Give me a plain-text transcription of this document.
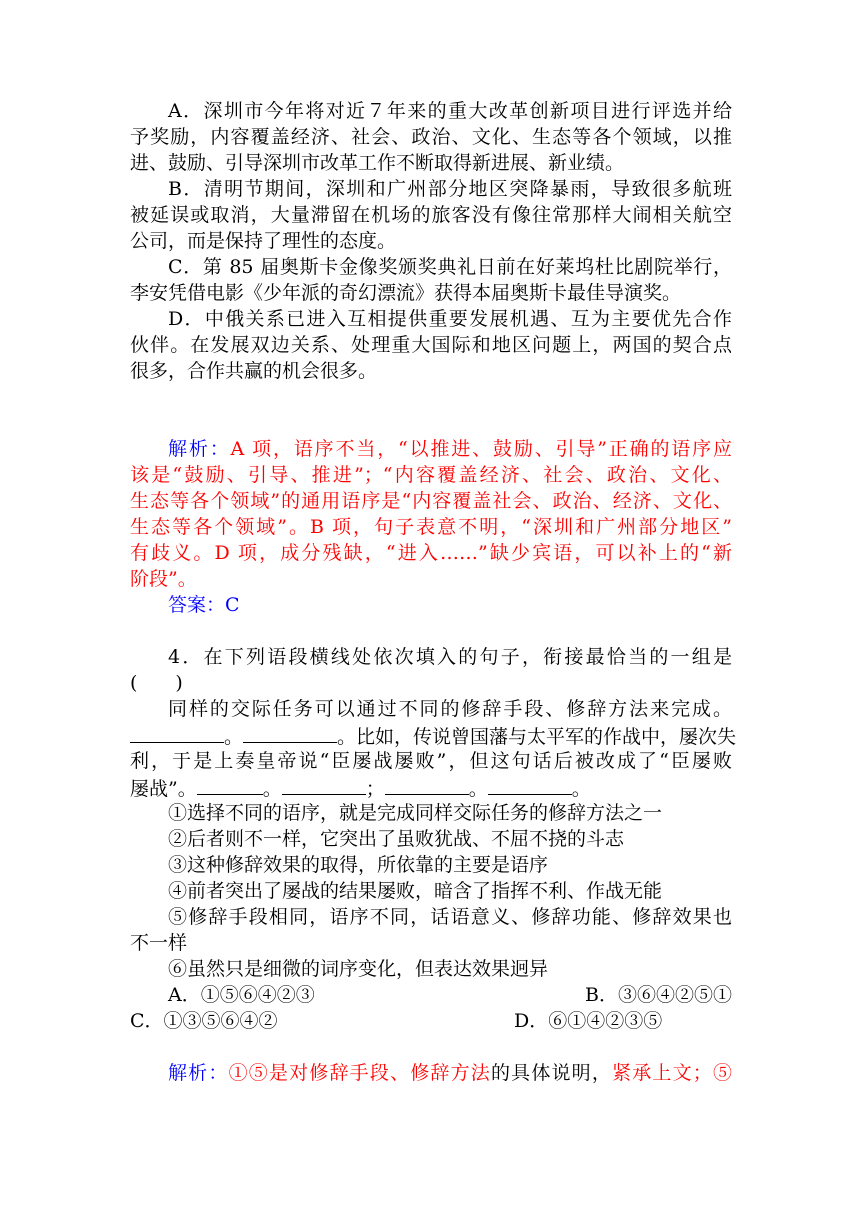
A．深圳市今年将对近７年来的重大改革创新项目进行评选并给
予奖励，内容覆盖经济、社会、政治、文化、生态等各个领域，以推
进、鼓励、引导深圳市改革工作不断取得新进展、新业绩。
B．清明节期间，深圳和广州部分地区突降暴雨，导致很多航班
被延误或取消，大量滞留在机场的旅客没有像往常那样大闹相关航空
公司，而是保持了理性的态度。
C．第 85 届奥斯卡金像奖颁奖典礼日前在好莱坞杜比剧院举行，
李安凭借电影《少年派的奇幻漂流》获得本届奥斯卡最佳导演奖。
D．中俄关系已进入互相提供重要发展机遇、互为主要优先合作
伙伴。在发展双边关系、处理重大国际和地区问题上，两国的契合点
很多，合作共赢的机会很多。
解析：A 项，语序不当，“以推进、鼓励、引导”正确的语序应
该是“鼓励、引导、推进”；“内容覆盖经济、社会、政治、文化、
生态等各个领域”的通用语序是“内容覆盖社会、政治、经济、文化、
生态等各个领域”。B 项，句子表意不明，“深圳和广州部分地区”
有歧义。D 项，成分残缺，“进入……”缺少宾语，可以补上的“新
阶段”。
答案：C
4．在下列语段横线处依次填入的句子，衔接最恰当的一组是
(　　)
同样的交际任务可以通过不同的修辞手段、修辞方法来完成。
。	。比如，传说曾国藩与太平军的作战中，屡次失
利，于是上奏皇帝说“臣屡战屡败”，但这句话后被改成了“臣屡败
屡战”。	。	；	。	。
①选择不同的语序，就是完成同样交际任务的修辞方法之一
②后者则不一样，它突出了虽败犹战、不屈不挠的斗志
③这种修辞效果的取得，所依靠的主要是语序
④前者突出了屡战的结果屡败，暗含了指挥不利、作战无能
⑤修辞手段相同，语序不同，话语意义、修辞功能、修辞效果也
不一样
⑥虽然只是细微的词序变化，但表达效果迥异
A．①⑤⑥④②③	B．③⑥④②⑤①
C．①③⑤⑥④②	D．⑥①④②③⑤
解析：①⑤是对修辞手段、修辞方法的具体说明，紧承上文；⑤
